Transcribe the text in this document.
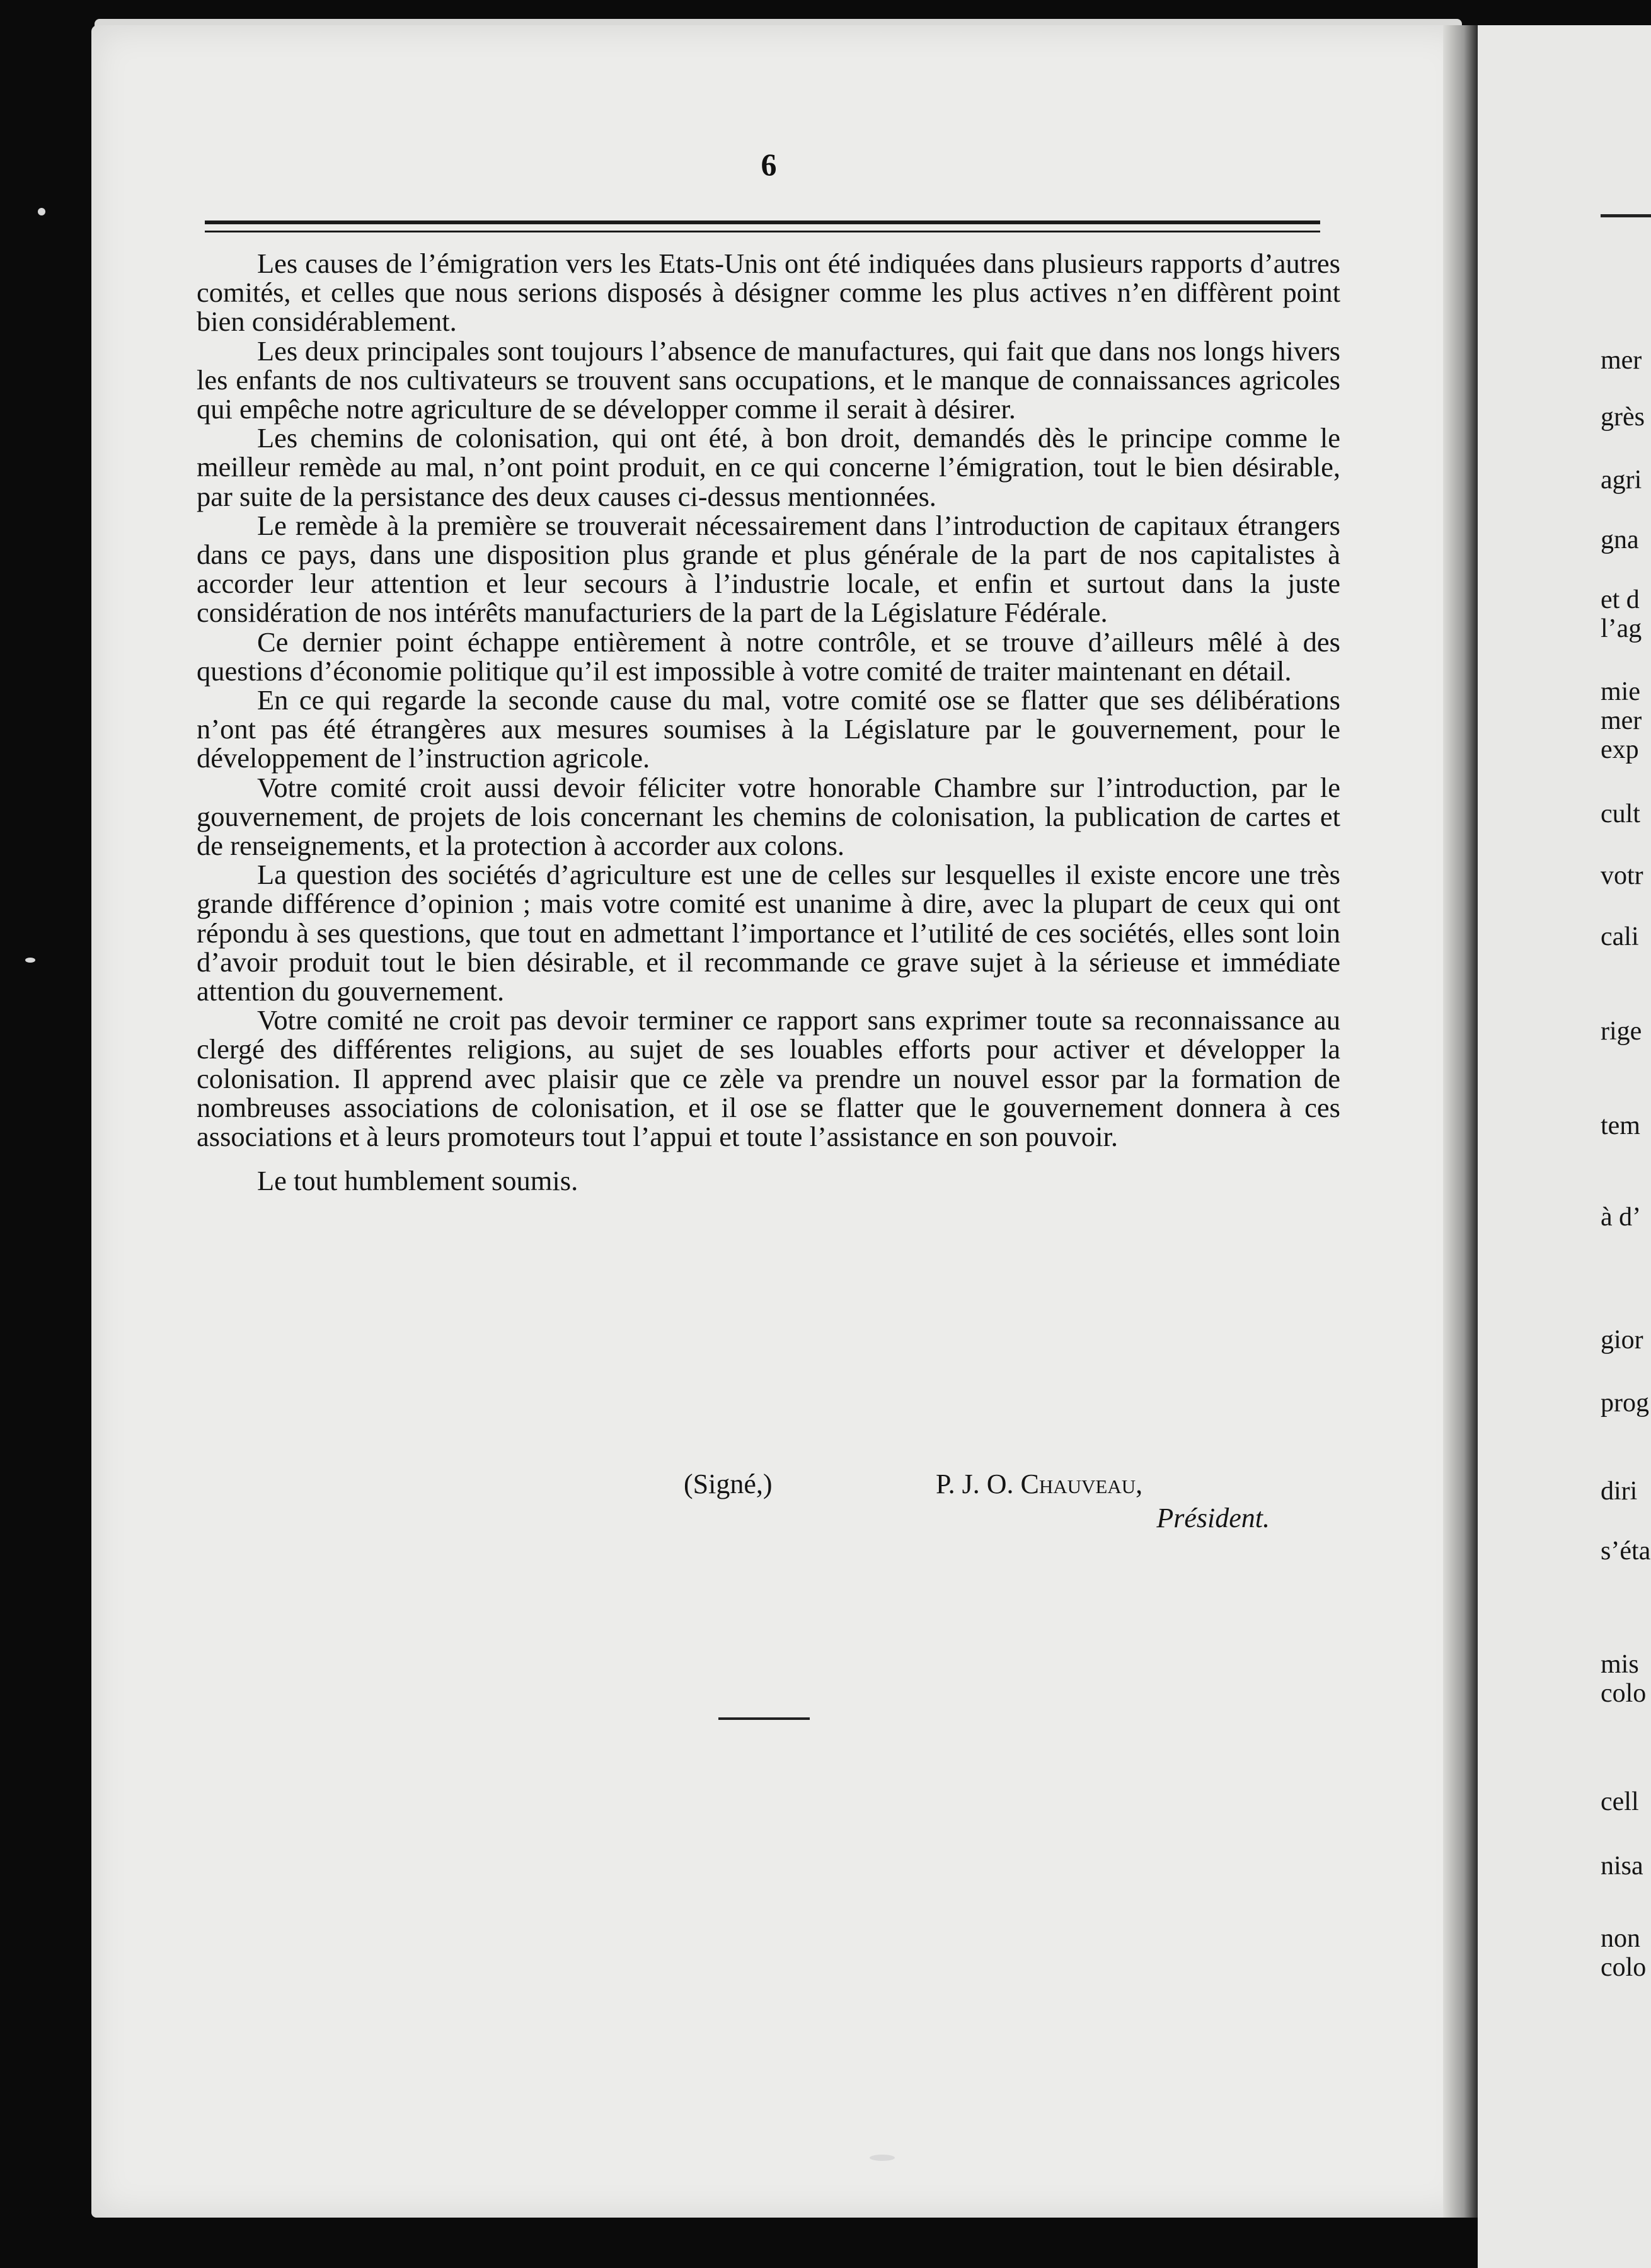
6

Les causes de l’émigration vers les Etats-Unis ont été indiquées dans plusieurs rapports d’autres comités, et celles que nous serions disposés à désigner comme les plus actives n’en diffèrent point bien considérablement.

Les deux principales sont toujours l’absence de manufactures, qui fait que dans nos longs hivers les enfants de nos cultivateurs se trouvent sans occupations, et le manque de connaissances agricoles qui empêche notre agriculture de se développer comme il serait à désirer.

Les chemins de colonisation, qui ont été, à bon droit, demandés dès le principe comme le meilleur remède au mal, n’ont point produit, en ce qui concerne l’émigration, tout le bien désirable, par suite de la persistance des deux causes ci-dessus mentionnées.

Le remède à la première se trouverait nécessairement dans l’introduction de capitaux étrangers dans ce pays, dans une disposition plus grande et plus générale de la part de nos capitalistes à accorder leur attention et leur secours à l’industrie locale, et enfin et surtout dans la juste considération de nos intérêts manufacturiers de la part de la Législature Fédérale.

Ce dernier point échappe entièrement à notre contrôle, et se trouve d’ailleurs mêlé à des questions d’économie politique qu’il est impossible à votre comité de traiter maintenant en détail.

En ce qui regarde la seconde cause du mal, votre comité ose se flatter que ses délibérations n’ont pas été étrangères aux mesures soumises à la Législature par le gouvernement, pour le développement de l’instruction agricole.

Votre comité croit aussi devoir féliciter votre honorable Chambre sur l’introduction, par le gouvernement, de projets de lois concernant les chemins de colonisation, la publication de cartes et de renseignements, et la protection à accorder aux colons.

La question des sociétés d’agriculture est une de celles sur lesquelles il existe encore une très grande différence d’opinion ; mais votre comité est unanime à dire, avec la plupart de ceux qui ont répondu à ses questions, que tout en admettant l’importance et l’utilité de ces sociétés, elles sont loin d’avoir produit tout le bien désirable, et il recommande ce grave sujet à la sérieuse et immédiate attention du gouvernement.

Votre comité ne croit pas devoir terminer ce rapport sans exprimer toute sa reconnaissance au clergé des différentes religions, au sujet de ses louables efforts pour activer et développer la colonisation. Il apprend avec plaisir que ce zèle va prendre un nouvel essor par la formation de nombreuses associations de colonisation, et il ose se flatter que le gouvernement donnera à ces associations et à leurs promoteurs tout l’appui et toute l’assistance en son pouvoir.

Le tout humblement soumis.

(Signé,)	P. J. O. Chauveau,
Président.
mer
grès
agri
gna
et d
l’ag
mie
mer
exp
cult
votr
cali
rige
tem
à d’
gior
prog
diri
s’éta
mis
colo
cell
nisa
non
colo
